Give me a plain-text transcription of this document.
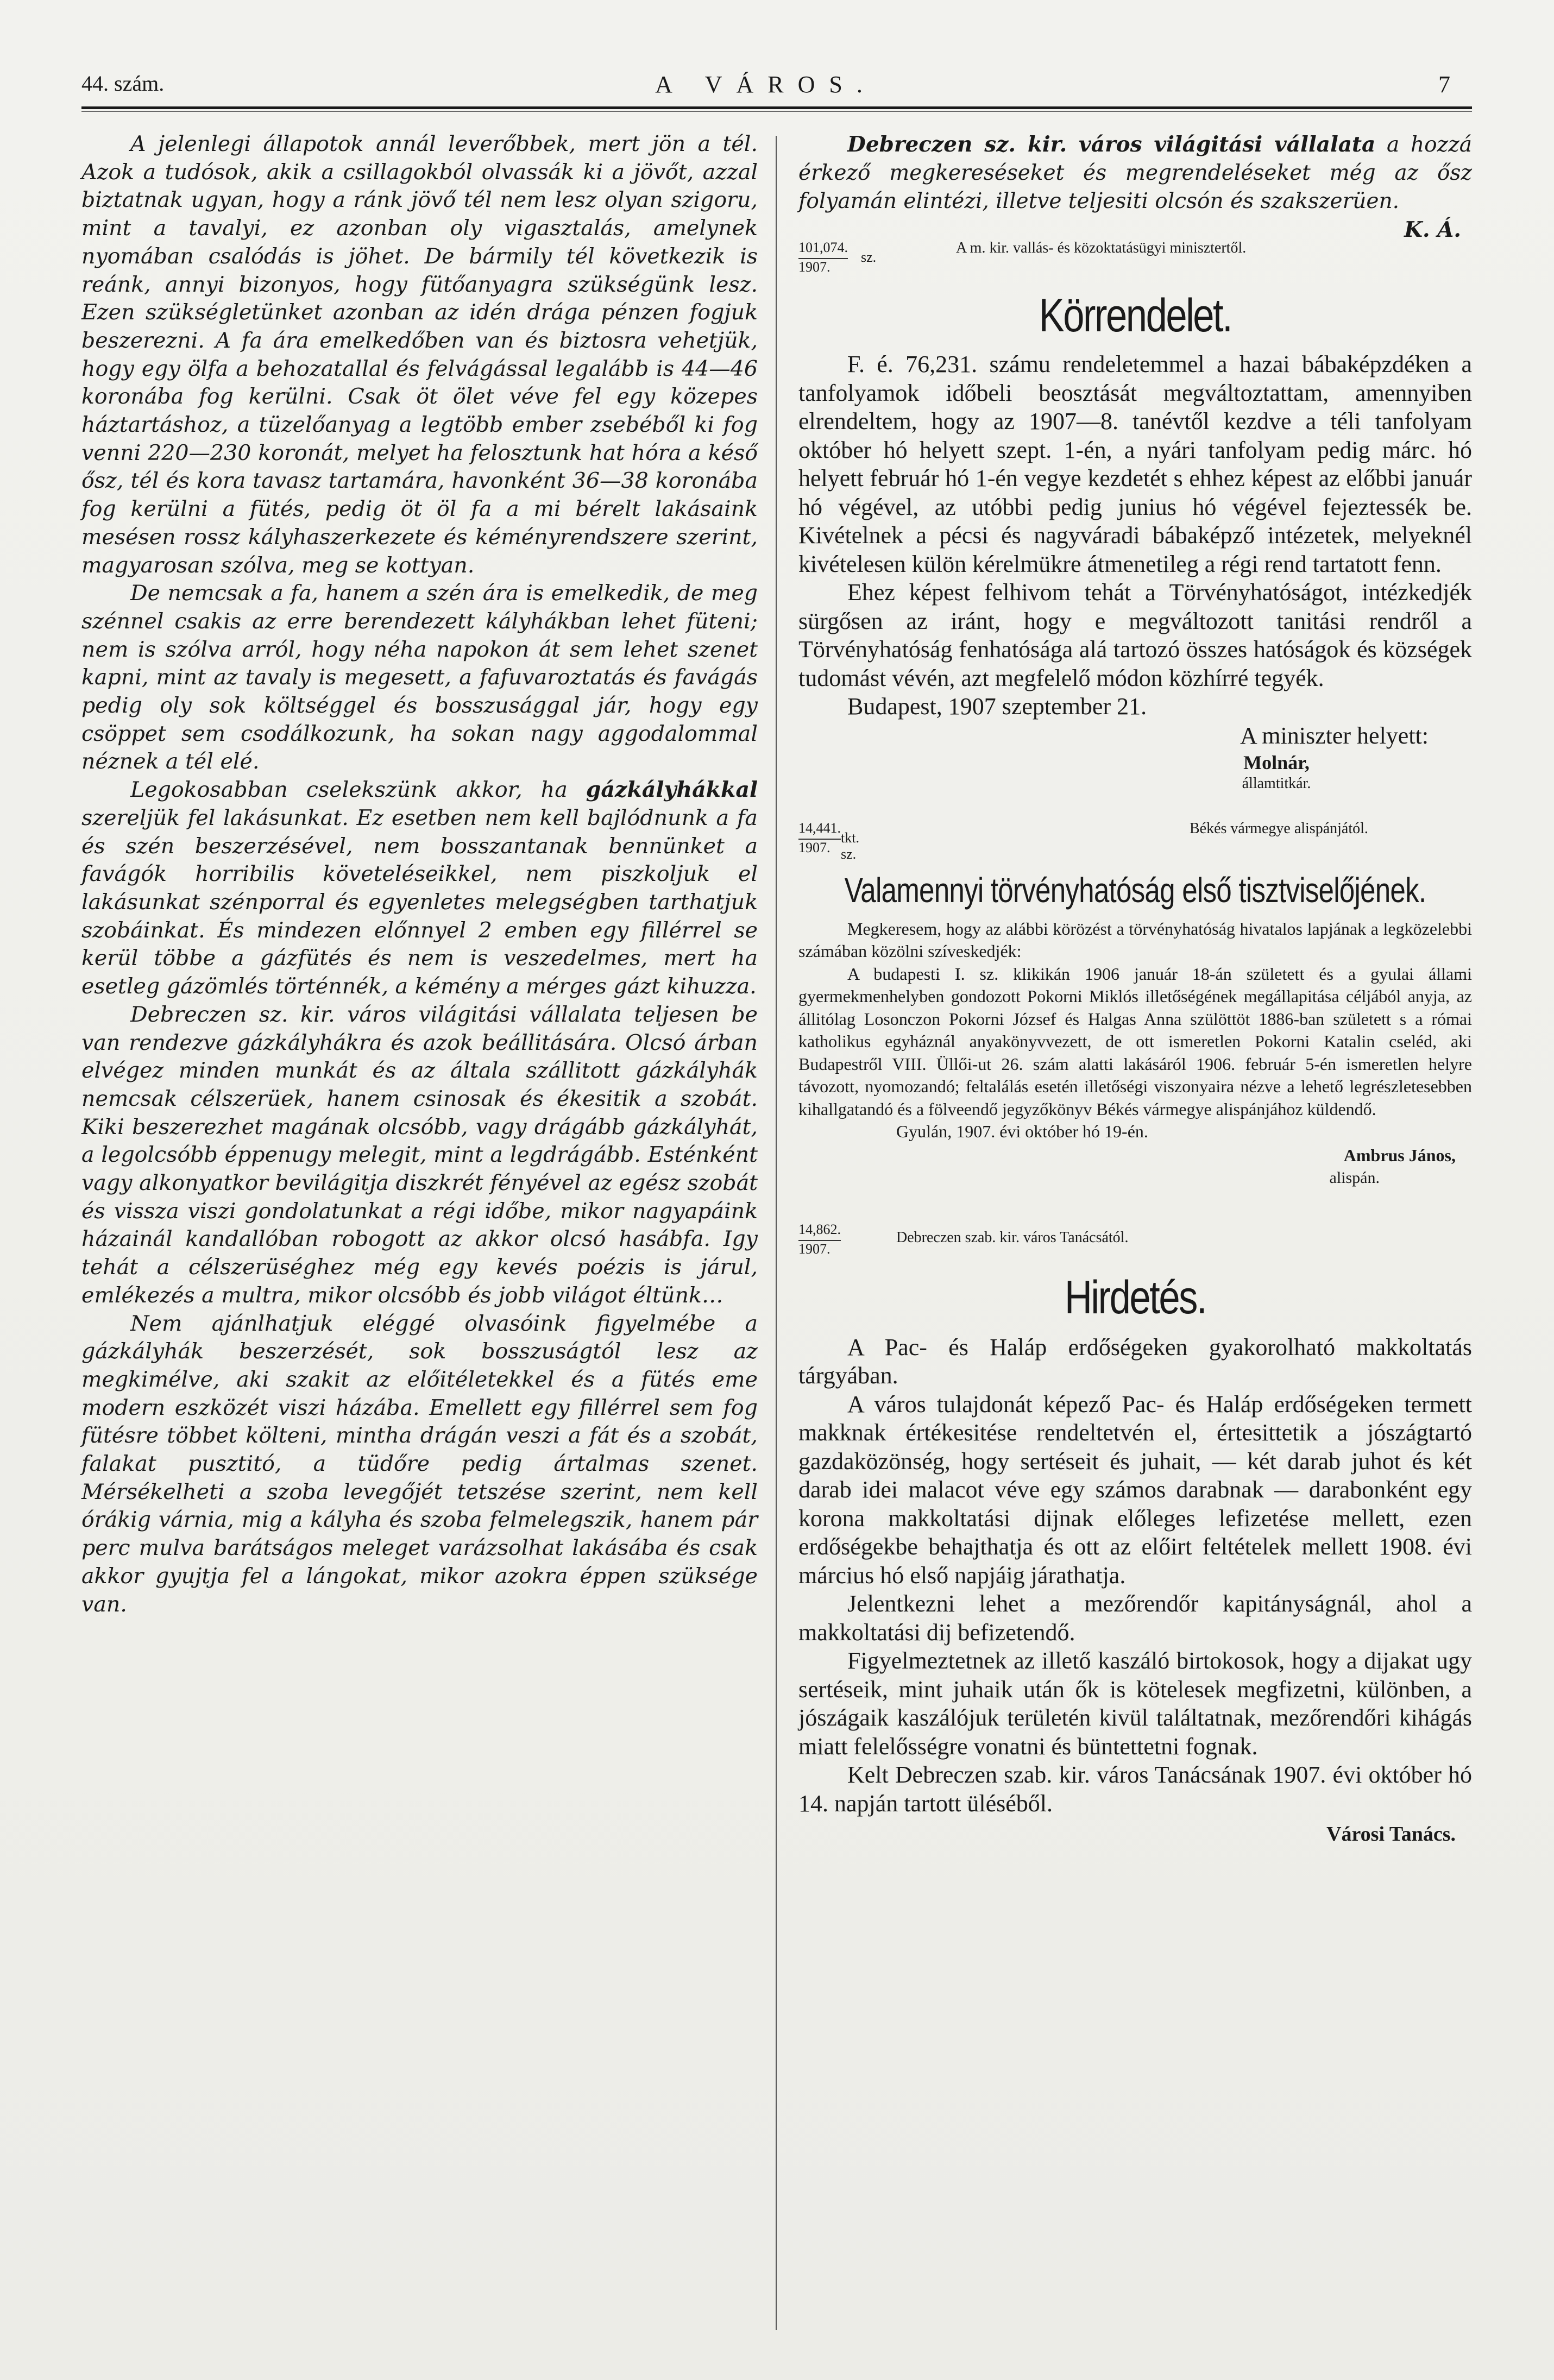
44. szám.	A VÁROS.	7

A jelenlegi állapotok annál leverőbbek, mert jön a tél. Azok a tudósok, akik a csillagokból olvassák ki a jövőt, azzal biztatnak ugyan, hogy a ránk jövő tél nem lesz olyan szigoru, mint a tavalyi, ez azonban oly vigasztalás, amelynek nyomában csalódás is jöhet. De bármily tél következik is reánk, annyi bizonyos, hogy fütőanyagra szükségünk lesz. Ezen szükségletünket azonban az idén drága pénzen fogjuk beszerezni. A fa ára emelkedőben van és biztosra vehetjük, hogy egy ölfa a behozatallal és felvágással legalább is 44—46 koronába fog kerülni. Csak öt ölet véve fel egy közepes háztartáshoz, a tüzelőanyag a legtöbb ember zsebéből ki fog venni 220—230 koronát, melyet ha felosztunk hat hóra a késő ősz, tél és kora tavasz tartamára, havonként 36—38 koronába fog kerülni a fütés, pedig öt öl fa a mi bérelt lakásaink mesésen rossz kályhaszerkezete és kéményrendszere szerint, magyarosan szólva, meg se kottyan.

De nemcsak a fa, hanem a szén ára is emelkedik, de meg szénnel csakis az erre berendezett kályhákban lehet füteni; nem is szólva arról, hogy néha napokon át sem lehet szenet kapni, mint az tavaly is megesett, a fafuvaroztatás és favágás pedig oly sok költséggel és bosszusággal jár, hogy egy csöppet sem csodálkozunk, ha sokan nagy aggodalommal néznek a tél elé.

Legokosabban cselekszünk akkor, ha gázkályhákkal szereljük fel lakásunkat. Ez esetben nem kell bajlódnunk a fa és szén beszerzésével, nem bosszantanak bennünket a favágók horribilis követeléseikkel, nem piszkoljuk el lakásunkat szénporral és egyenletes melegségben tarthatjuk szobáinkat. És mindezen előnnyel 2 emben egy fillérrel se kerül többe a gázfütés és nem is veszedelmes, mert ha esetleg gázömlés történnék, a kémény a mérges gázt kihuzza.

Debreczen sz. kir. város világitási vállalata teljesen be van rendezve gázkályhákra és azok beállitására. Olcsó árban elvégez minden munkát és az általa szállitott gázkályhák nemcsak célszerüek, hanem csinosak és ékesitik a szobát. Kiki beszerezhet magának olcsóbb, vagy drágább gázkályhát, a legolcsóbb éppenugy melegit, mint a legdrágább. Esténként vagy alkonyatkor bevilágitja diszkrét fényével az egész szobát és vissza viszi gondolatunkat a régi időbe, mikor nagyapáink házainál kandallóban robogott az akkor olcsó hasábfa. Igy tehát a célszerüséghez még egy kevés poézis is járul, emlékezés a multra, mikor olcsóbb és jobb világot éltünk…

Nem ajánlhatjuk eléggé olvasóink figyelmébe a gázkályhák beszerzését, sok bosszuságtól lesz az megkimélve, aki szakit az előitéletekkel és a fütés eme modern eszközét viszi házába. Emellett egy fillérrel sem fog fütésre többet költeni, mintha drágán veszi a fát és a szobát, falakat pusztitó, a tüdőre pedig ártalmas szenet. Mérsékelheti a szoba levegőjét tetszése szerint, nem kell órákig várnia, mig a kályha és szoba felmelegszik, hanem pár perc mulva barátságos meleget varázsolhat lakásába és csak akkor gyujtja fel a lángokat, mikor azokra éppen szüksége van.

Debreczen sz. kir. város világitási vállalata a hozzá érkező megkereséseket és megrendeléseket még az ősz folyamán elintézi, illetve teljesiti olcsón és szakszerüen.
K. Á.

101,074.
1907.
sz.
A m. kir. vallás- és közoktatásügyi minisztertől.

Körrendelet.

F. é. 76,231. számu rendeletemmel a hazai bábaképzdéken a tanfolyamok időbeli beosztását megváltoztattam, amennyiben elrendeltem, hogy az 1907—8. tanévtől kezdve a téli tanfolyam október hó helyett szept. 1-én, a nyári tanfolyam pedig márc. hó helyett február hó 1-én vegye kezdetét s ehhez képest az előbbi január hó végével, az utóbbi pedig junius hó végével fejeztessék be. Kivételnek a pécsi és nagyváradi bábaképző intézetek, melyeknél kivételesen külön kérelmükre átmenetileg a régi rend tartatott fenn.

Ehez képest felhivom tehát a Törvényhatóságot, intézkedjék sürgősen az iránt, hogy e megváltozott tanitási rendről a Törvényhatóság fenhatósága alá tartozó összes hatóságok és községek tudomást vévén, azt megfelelő módon közhírré tegyék.

Budapest, 1907 szeptember 21.

A miniszter helyett:

Molnár,

államtitkár.

14,441.
1907.
tkt. sz.
Békés vármegye alispánjától.

Valamennyi törvényhatóság első tisztviselőjének.

Megkeresem, hogy az alábbi körözést a törvényhatóság hivatalos lapjának a legközelebbi számában közölni szíveskedjék:

A budapesti I. sz. klikikán 1906 január 18-án született és a gyulai állami gyermekmenhelyben gondozott Pokorni Miklós illetőségének megállapitása céljából anyja, az állitólag Losonczon Pokorni József és Halgas Anna szülöttöt 1886-ban született s a római katholikus egyháznál anyakönyvvezett, de ott ismeretlen Pokorni Katalin cseléd, aki Budapestről VIII. Üllői-ut 26. szám alatti lakásáról 1906. február 5-én ismeretlen helyre távozott, nyomozandó; feltalálás esetén illetőségi viszonyaira nézve a lehető legrészletesebben kihallgatandó és a fölveendő jegyzőkönyv Békés vármegye alispánjához küldendő.

Gyulán, 1907. évi október hó 19-én.

Ambrus János,

alispán.

14,862.
1907.
Debreczen szab. kir. város Tanácsától.

Hirdetés.

A Pac- és Haláp erdőségeken gyakorolható makkoltatás tárgyában.

A város tulajdonát képező Pac- és Haláp erdőségeken termett makknak értékesitése rendeltetvén el, értesittetik a jószágtartó gazdaközönség, hogy sertéseit és juhait, — két darab juhot és két darab idei malacot véve egy számos darabnak — darabonként egy korona makkoltatási dijnak előleges lefizetése mellett, ezen erdőségekbe behajthatja és ott az előirt feltételek mellett 1908. évi március hó első napjáig járathatja.

Jelentkezni lehet a mezőrendőr kapitányságnál, ahol a makkoltatási dij befizetendő.

Figyelmeztetnek az illető kaszáló birtokosok, hogy a dijakat ugy sertéseik, mint juhaik után ők is kötelesek megfizetni, különben, a jószágaik kaszálójuk területén kivül találtatnak, mezőrendőri kihágás miatt felelősségre vonatni és büntettetni fognak.

Kelt Debreczen szab. kir. város Tanácsának 1907. évi október hó 14. napján tartott üléséből.

Városi Tanács.
